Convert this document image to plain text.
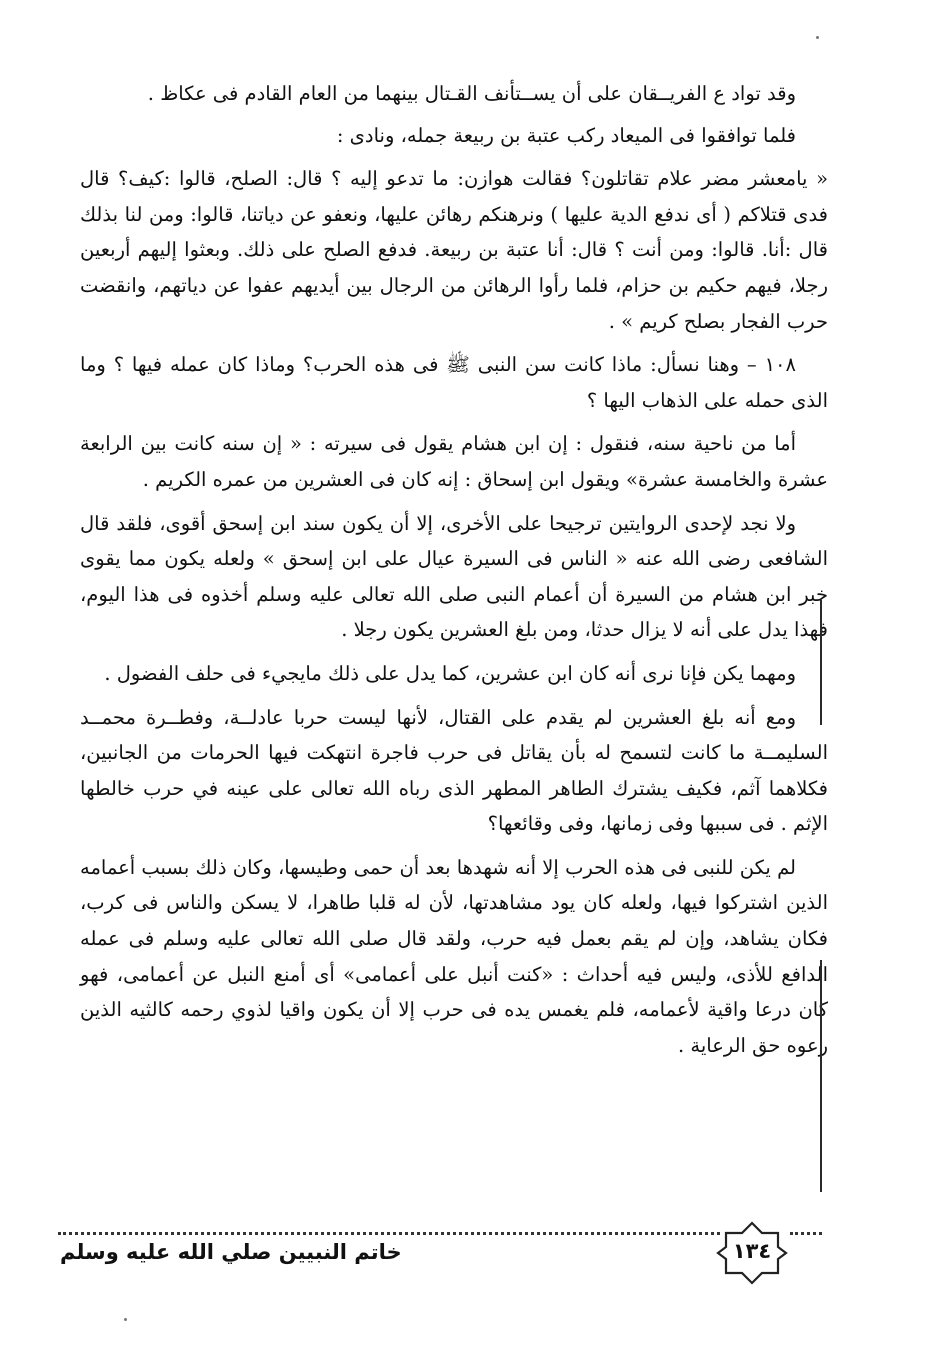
وقد تواد ع الفريــقان على أن يســتأنف القـتال بينهما من العام القادم فى عكاظ .

فلما توافقوا فى الميعاد ركب عتبة بن ربيعة جمله، ونادى :

« يامعشر مضر علام تقاتلون؟ فقالت هوازن: ما تدعو إليه ؟ قال: الصلح، قالوا :كيف؟ قال فدى قتلاكم ( أى ندفع الدية عليها ) ونرهنكم رهائن عليها، ونعفو عن دياتنا، قالوا: ومن لنا بذلك قال :أنا. قالوا: ومن أنت ؟ قال: أنا عتبة بن ربيعة. فدفع الصلح على ذلك. وبعثوا إليهم أربعين رجلا، فيهم حكيم بن حزام، فلما رأوا الرهائن من الرجال بين أيديهم عفوا عن دياتهم، وانقضت حرب الفجار بصلح كريم » .

١٠٨ – وهنا نسأل: ماذا كانت سن النبى ﷺ فى هذه الحرب؟ وماذا كان عمله فيها ؟ وما الذى حمله على الذهاب اليها ؟

أما من ناحية سنه، فنقول : إن ابن هشام يقول فى سيرته : « إن سنه كانت بين الرابعة عشرة والخامسة عشرة» ويقول ابن إسحاق : إنه كان فى العشرين من عمره الكريم .

ولا نجد لإحدى الروايتين ترجيحا على الأخرى، إلا أن يكون سند ابن إسحق أقوى، فلقد قال الشافعى رضى الله عنه « الناس فى السيرة عيال على ابن إسحق » ولعله يكون مما يقوى خبر ابن هشام من السيرة أن أعمام النبى صلى الله تعالى عليه وسلم أخذوه فى هذا اليوم، فهذا يدل على أنه لا يزال حدثا، ومن بلغ العشرين يكون رجلا .

ومهما يكن فإنا نرى أنه كان ابن عشرين، كما يدل على ذلك مايجيء فى حلف الفضول .

ومع أنه بلغ العشرين لم يقدم على القتال، لأنها ليست حربا عادلــة، وفطــرة محمــد السليمــة ما كانت لتسمح له بأن يقاتل فى حرب فاجرة انتهكت فيها الحرمات من الجانبين، فكلاهما آثم، فكيف يشترك الطاهر المطهر الذى رباه الله تعالى على عينه في حرب خالطها الإثم . فى سببها وفى زمانها، وفى وقائعها؟

لم يكن للنبى فى هذه الحرب إلا أنه شهدها بعد أن حمى وطيسها، وكان ذلك بسبب أعمامه الذين اشتركوا فيها، ولعله كان يود مشاهدتها، لأن له قلبا طاهرا، لا يسكن والناس فى كرب، فكان يشاهد، وإن لم يقم بعمل فيه حرب، ولقد قال صلى الله تعالى عليه وسلم فى عمله الدافع للأذى، وليس فيه أحداث : «كنت أنبل على أعمامى» أى أمنع النبل عن أعمامى، فهو كان درعا واقية لأعمامه، فلم يغمس يده فى حرب إلا أن يكون واقيا لذوي رحمه كالثيه الذين رعوه حق الرعاية .

خاتم النبيين صلي الله عليه وسلم	١٣٤
